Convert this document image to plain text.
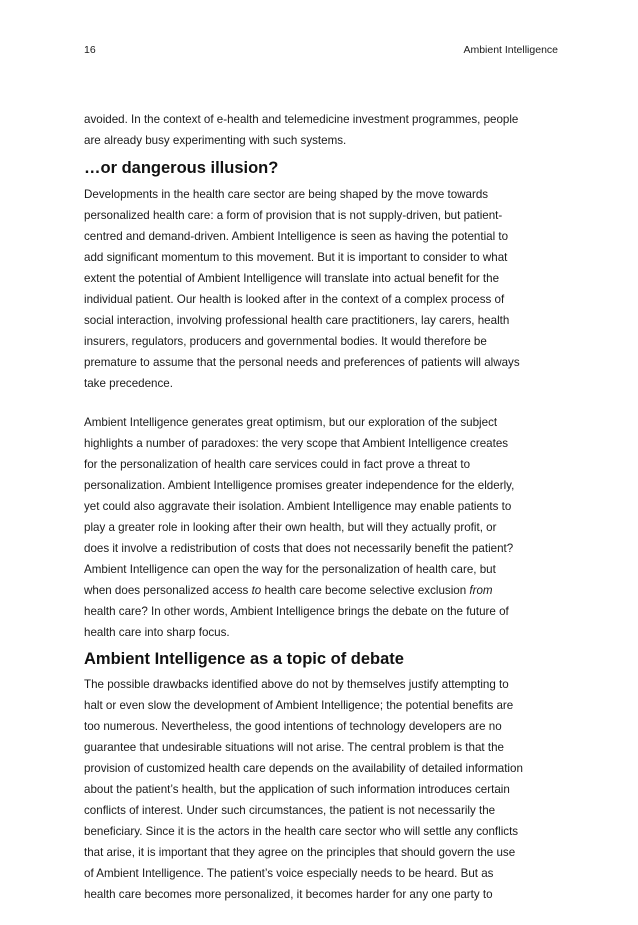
16	Ambient Intelligence

avoided. In the context of e-health and telemedicine investment programmes, people
are already busy experimenting with such systems.

…or dangerous illusion?

Developments in the health care sector are being shaped by the move towards
personalized health care: a form of provision that is not supply-driven, but patient-
centred and demand-driven. Ambient Intelligence is seen as having the potential to
add significant momentum to this movement. But it is important to consider to what
extent the potential of Ambient Intelligence will translate into actual benefit for the
individual patient. Our health is looked after in the context of a complex process of
social interaction, involving professional health care practitioners, lay carers, health
insurers, regulators, producers and governmental bodies. It would therefore be
premature to assume that the personal needs and preferences of patients will always
take precedence.

Ambient Intelligence generates great optimism, but our exploration of the subject
highlights a number of paradoxes: the very scope that Ambient Intelligence creates
for the personalization of health care services could in fact prove a threat to
personalization. Ambient Intelligence promises greater independence for the elderly,
yet could also aggravate their isolation. Ambient Intelligence may enable patients to
play a greater role in looking after their own health, but will they actually profit, or
does it involve a redistribution of costs that does not necessarily benefit the patient?
Ambient Intelligence can open the way for the personalization of health care, but
when does personalized access to health care become selective exclusion from
health care? In other words, Ambient Intelligence brings the debate on the future of
health care into sharp focus.

Ambient Intelligence as a topic of debate

The possible drawbacks identified above do not by themselves justify attempting to
halt or even slow the development of Ambient Intelligence; the potential benefits are
too numerous. Nevertheless, the good intentions of technology developers are no
guarantee that undesirable situations will not arise. The central problem is that the
provision of customized health care depends on the availability of detailed information
about the patient’s health, but the application of such information introduces certain
conflicts of interest. Under such circumstances, the patient is not necessarily the
beneficiary. Since it is the actors in the health care sector who will settle any conflicts
that arise, it is important that they agree on the principles that should govern the use
of Ambient Intelligence. The patient’s voice especially needs to be heard. But as
health care becomes more personalized, it becomes harder for any one party to
